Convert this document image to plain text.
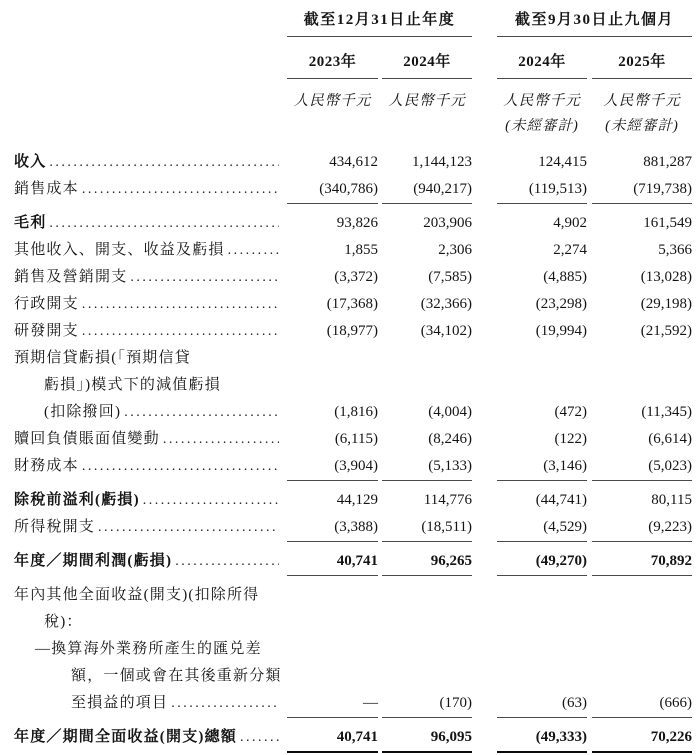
截至12月31日止年度	截至9月30日止九個月
2023年	2024年	2024年	2025年
人民幣千元	人民幣千元	人民幣千元	人民幣千元
(未經審計)	(未經審計)
收入 .....	434,612	1,144,123	124,415	881,287
銷售成本 .....	(340,786)	(940,217)	(119,513)	(719,738)
毛利 .....	93,826	203,906	4,902	161,549
其他收入、開支、收益及虧損 .....	1,855	2,306	2,274	5,366
銷售及營銷開支 .....	(3,372)	(7,585)	(4,885)	(13,028)
行政開支 .....	(17,368)	(32,366)	(23,298)	(29,198)
研發開支 .....	(18,977)	(34,102)	(19,994)	(21,592)
預期信貸虧損(「預期信貸
虧損」)模式下的減值虧損
(扣除撥回) .....	(1,816)	(4,004)	(472)	(11,345)
贖回負債賬面值變動 .....	(6,115)	(8,246)	(122)	(6,614)
財務成本 .....	(3,904)	(5,133)	(3,146)	(5,023)
除稅前溢利(虧損) .....	44,129	114,776	(44,741)	80,115
所得稅開支 .....	(3,388)	(18,511)	(4,529)	(9,223)
年度／期間利潤(虧損) .....	40,741	96,265	(49,270)	70,892
年內其他全面收益(開支)(扣除所得
稅)：
—換算海外業務所產生的匯兑差
額，一個或會在其後重新分類
至損益的項目 .....	—	(170)	(63)	(666)
年度／期間全面收益(開支)總額 .....	40,741	96,095	(49,333)	70,226
